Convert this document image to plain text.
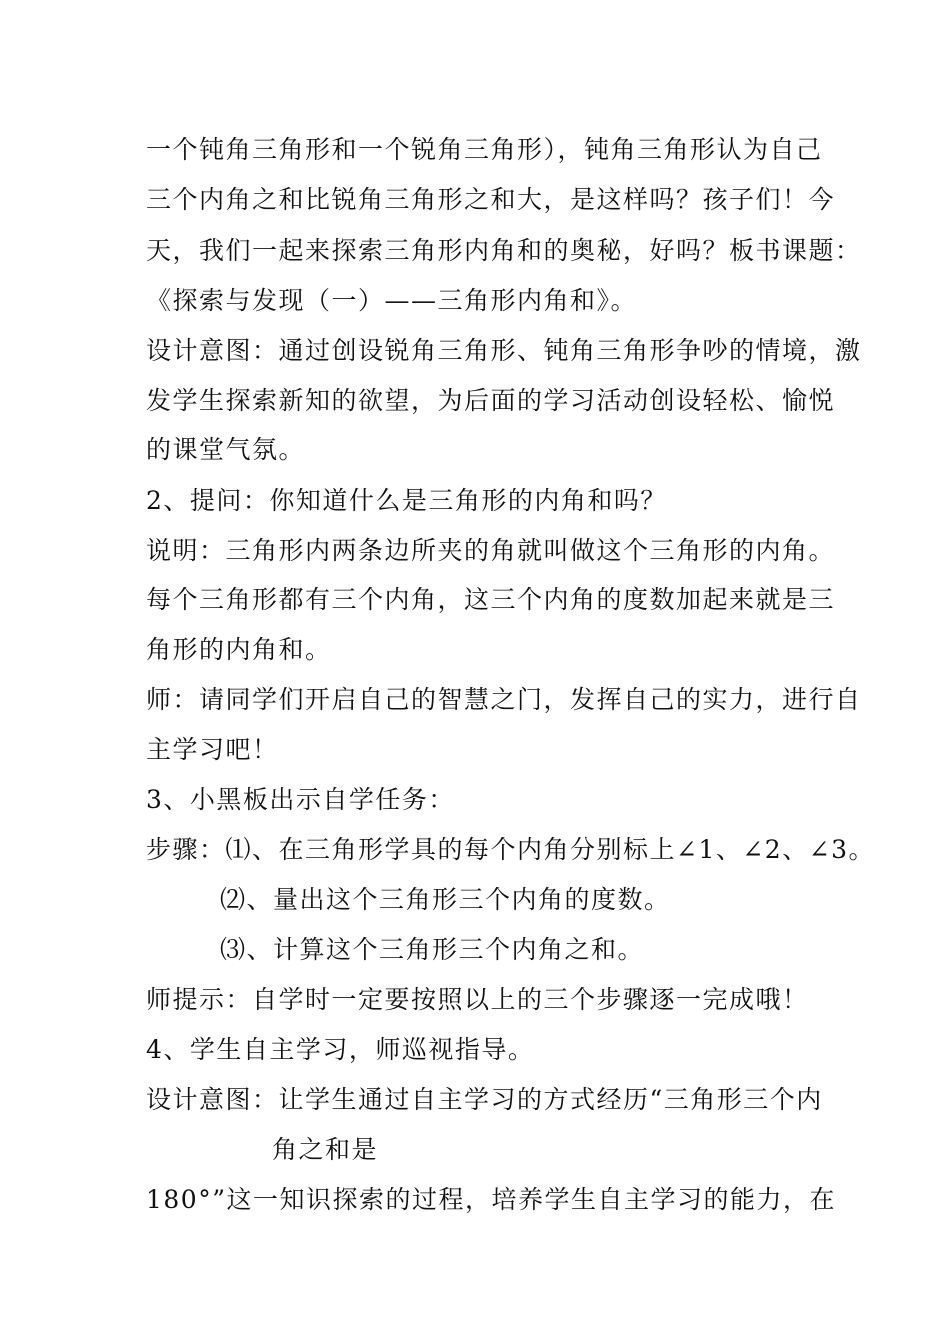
一个钝角三角形和一个锐角三角形），钝角三角形认为自己
三个内角之和比锐角三角形之和大，是这样吗？孩子们！今
天，我们一起来探索三角形内角和的奥秘，好吗？板书课题：
《探索与发现（一）——三角形内角和》。
设计意图：通过创设锐角三角形、钝角三角形争吵的情境，激
发学生探索新知的欲望，为后面的学习活动创设轻松、愉悦
的课堂气氛。
2、提问：你知道什么是三角形的内角和吗？
说明：三角形内两条边所夹的角就叫做这个三角形的内角。
每个三角形都有三个内角，这三个内角的度数加起来就是三
角形的内角和。
师：请同学们开启自己的智慧之门，发挥自己的实力，进行自
主学习吧！
3、小黑板出示自学任务：
步骤：⑴、在三角形学具的每个内角分别标上∠1、∠2、∠3。
⑵、量出这个三角形三个内角的度数。
⑶、计算这个三角形三个内角之和。
师提示：自学时一定要按照以上的三个步骤逐一完成哦！
4、学生自主学习，师巡视指导。
设计意图：让学生通过自主学习的方式经历“三角形三个内
角之和是
180°”这一知识探索的过程，培养学生自主学习的能力，在
